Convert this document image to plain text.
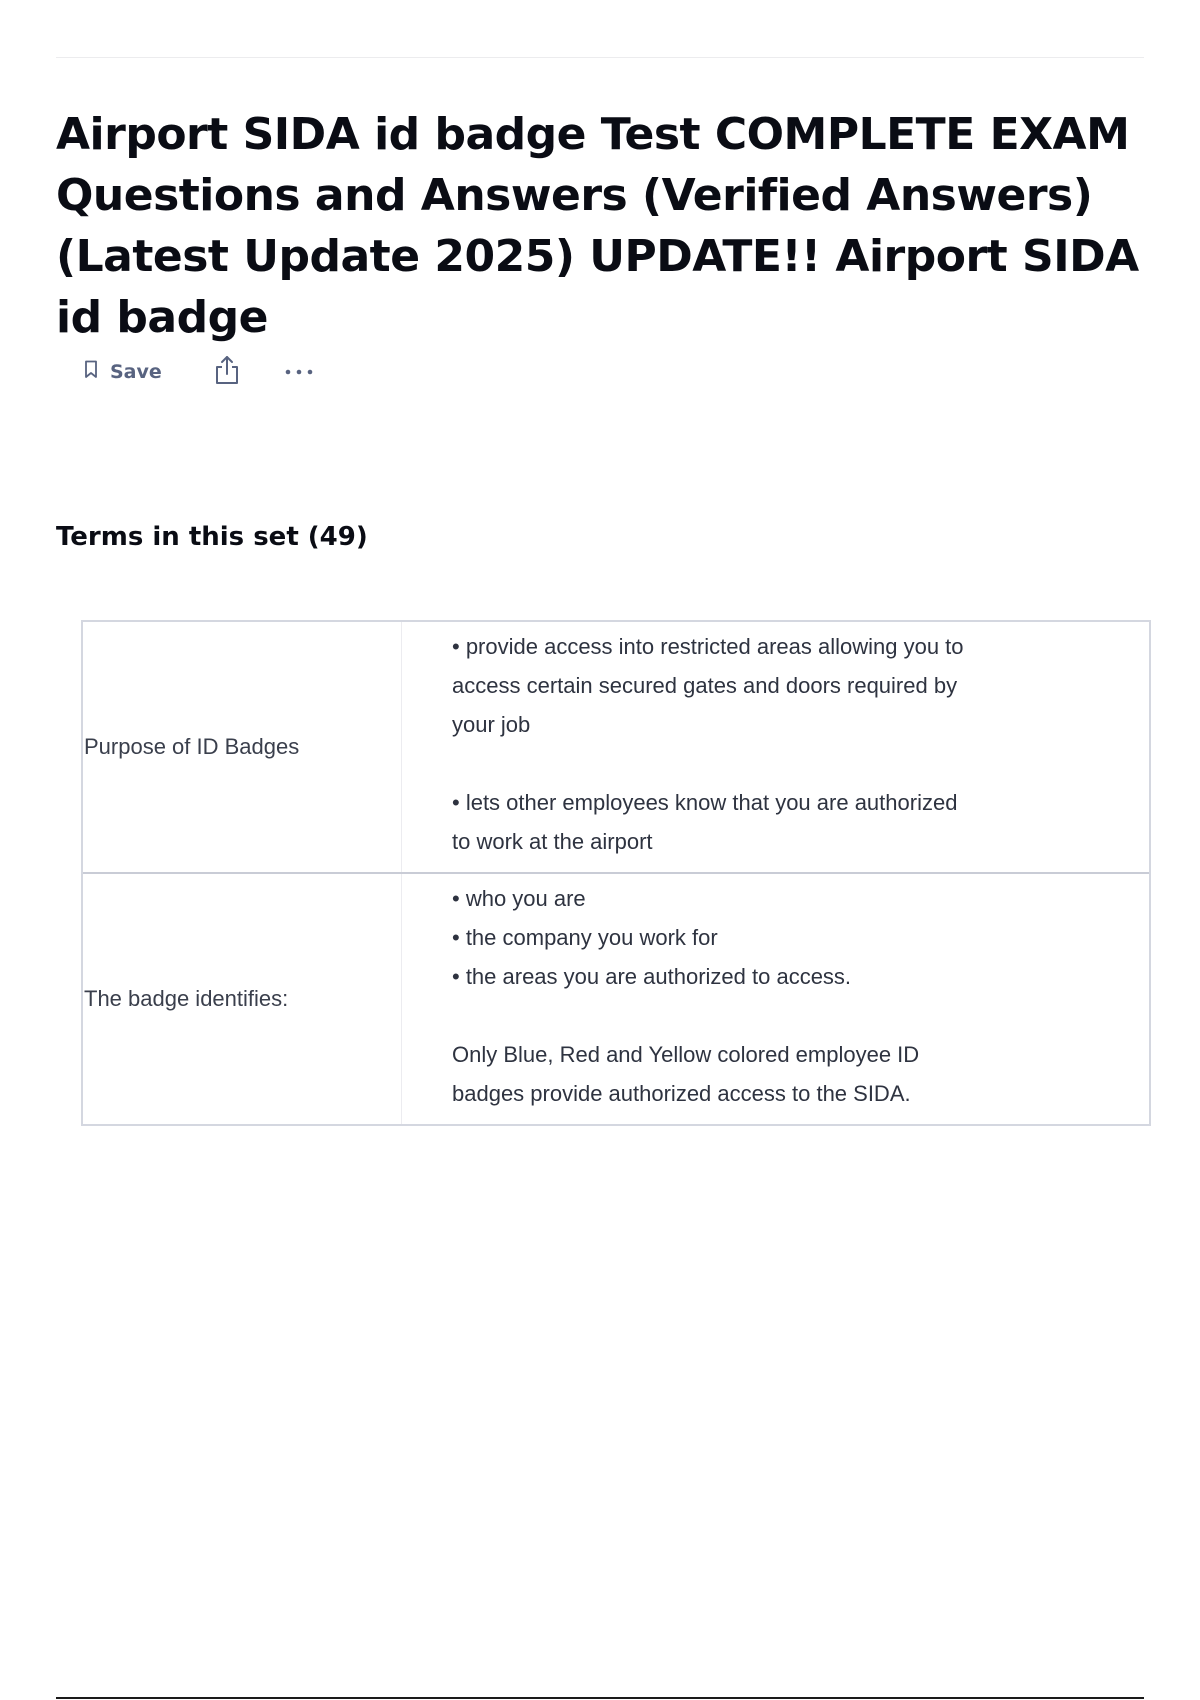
Airport SIDA id badge Test COMPLETE EXAM Questions and Answers (Verified Answers) (Latest Update 2025) UPDATE!! Airport SIDA id badge
Save
Terms in this set (49)
Purpose of ID Badges
• provide access into restricted areas allowing you to
access certain secured gates and doors required by
your job
• lets other employees know that you are authorized
to work at the airport
The badge identifies:
• who you are
• the company you work for
• the areas you are authorized to access.
Only Blue, Red and Yellow colored employee ID
badges provide authorized access to the SIDA.
